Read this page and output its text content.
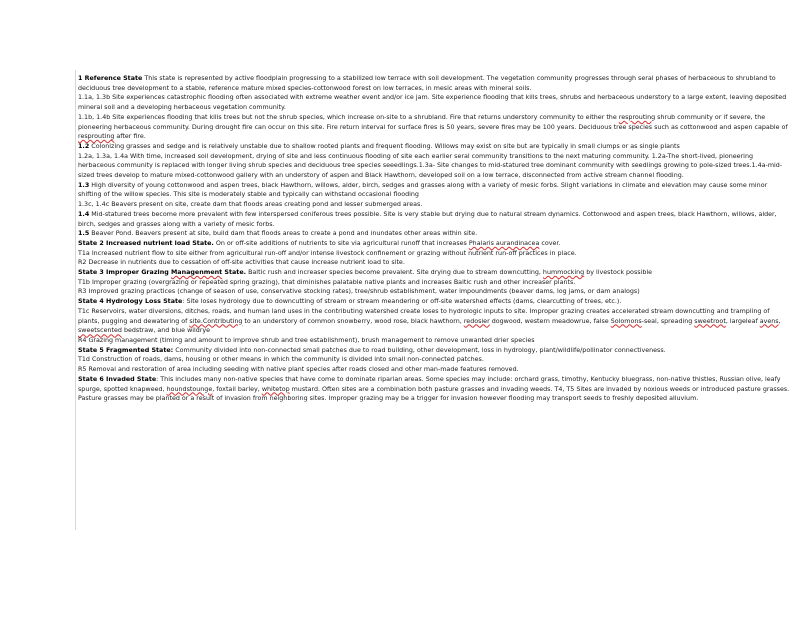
1 Reference State This state is represented by active floodplain progressing to a stabilized low terrace with soil development. The vegetation community progresses through seral phases of herbaceous to shrubland to deciduous tree development to a stable, reference mature mixed species-cottonwood forest on low terraces, in mesic areas with mineral soils.

1.1a, 1.3b Site experiences catastrophic flooding often associated with extreme weather event and/or ice jam. Site experience flooding that kills trees, shrubs and herbaceous understory to a large extent, leaving deposited mineral soil and a developing herbaceous vegetation community.

1.1b, 1.4b Site experiences flooding that kills trees but not the shrub species, which increase on-site to a shrubland. Fire that returns understory community to either the resprouting shrub community or if severe, the pioneering herbaceous community. During drought fire can occur on this site. Fire return interval for surface fires is 50 years, severe fires may be 100 years. Deciduous tree species such as cottonwood and aspen capable of resprouting after fire.

1.2 Colonizing grasses and sedge and is relatively unstable due to shallow rooted plants and frequent flooding. Willows may exist on site but are typically in small clumps or as single plants

1.2a, 1.3a, 1.4a With time, increased soil development, drying of site and less continuous flooding of site each earlier seral community transitions to the next maturing community. 1.2a-The short-lived, pioneering herbaceous community is replaced with longer living shrub species and deciduous tree species seeedlings.1.3a- Site changes to mid-statured tree dominant community with seedlings growing to pole-sized trees.1.4a-mid-sized trees develop to mature mixed-cottonwood gallery with an understory of aspen and Black Hawthorn, developed soil on a low terrace, disconnected from active stream channel flooding.

1.3 High diversity of young cottonwood and aspen trees, black Hawthorn, willows, alder, birch, sedges and grasses along with a variety of mesic forbs. Slight variations in climate and elevation may cause some minor shifting of the willow species. This site is moderately stable and typically can withstand occasional flooding

1.3c, 1.4c Beavers present on site, create dam that floods areas creating pond and lesser submerged areas.

1.4 Mid-statured trees become more prevalent with few interspersed coniferous trees possible. Site is very stable but drying due to natural stream dynamics. Cottonwood and aspen trees, black Hawthorn, willows, alder, birch, sedges and grasses along with a variety of mesic forbs.

1.5 Beaver Pond. Beavers present at site, build dam that floods areas to create a pond and inundates other areas within site.

State 2 Increased nutrient load State. On or off-site additions of nutrients to site via agricultural runoff that increases Phalaris aurandinacea cover.

T1a Increased nutrient flow to site either from agricultural run-off and/or intense livestock confinement or grazing without nutrient run-off practices in place.

R2 Decrease in nutrients due to cessation of off-site activities that cause increase nutrient load to site.

State 3 Improper Grazing Managenment State. Baltic rush and increaser species become prevalent. Site drying due to stream downcutting, hummocking by livestock possible

T1b Improper grazing (overgrazing or repeated spring grazing), that diminishes palatable native plants and increases Baltic rush and other increaser plants.

R3 Improved grazing practices (change of season of use, conservative stocking rates), tree/shrub establishment, water impoundments (beaver dams, log jams, or dam analogs)

State 4 Hydrology Loss State: Site loses hydrology due to downcutting of stream or stream meandering or off-site watershed effects (dams, clearcutting of trees, etc.).

T1c Reservoirs, water diversions, ditches, roads, and human land uses in the contributing watershed create loses to hydrologic inputs to site. Improper grazing creates accelerated stream downcutting and trampling of plants, pugging and dewatering of site.Contributing to an understory of common snowberry, wood rose, black hawthorn, redosier dogwood, western meadowrue, false Solomons-seal, spreading sweetroot, largeleaf avens, sweetscented bedstraw, and blue wildrye

R4 Grazing management (timing and amount to improve shrub and tree establishment), brush management to remove unwanted drier species

State 5 Fragmented State: Community divided into non-connected small patches due to road building, other development, loss in hydrology, plant/wildlife/pollinator connectiveness.

T1d Construction of roads, dams, housing or other means in which the community is divided into small non-connected patches.

R5 Removal and restoration of area including seeding with native plant species after roads closed and other man-made features removed.

State 6 Invaded State: This includes many non-native species that have come to dominate riparian areas. Some species may include: orchard grass, timothy, Kentucky bluegrass, non-native thistles, Russian olive, leafy spurge, spotted knapweed, houndstounge, foxtail barley, whitetop mustard. Often sites are a combination both pasture grasses and invading weeds. T4, T5 Sites are invaded by noxious weeds or introduced pasture grasses. Pasture grasses may be planted or a result of invasion from neighboring sites. Improper grazing may be a trigger for invasion however flooding may transport seeds to freshly deposited alluvium.
